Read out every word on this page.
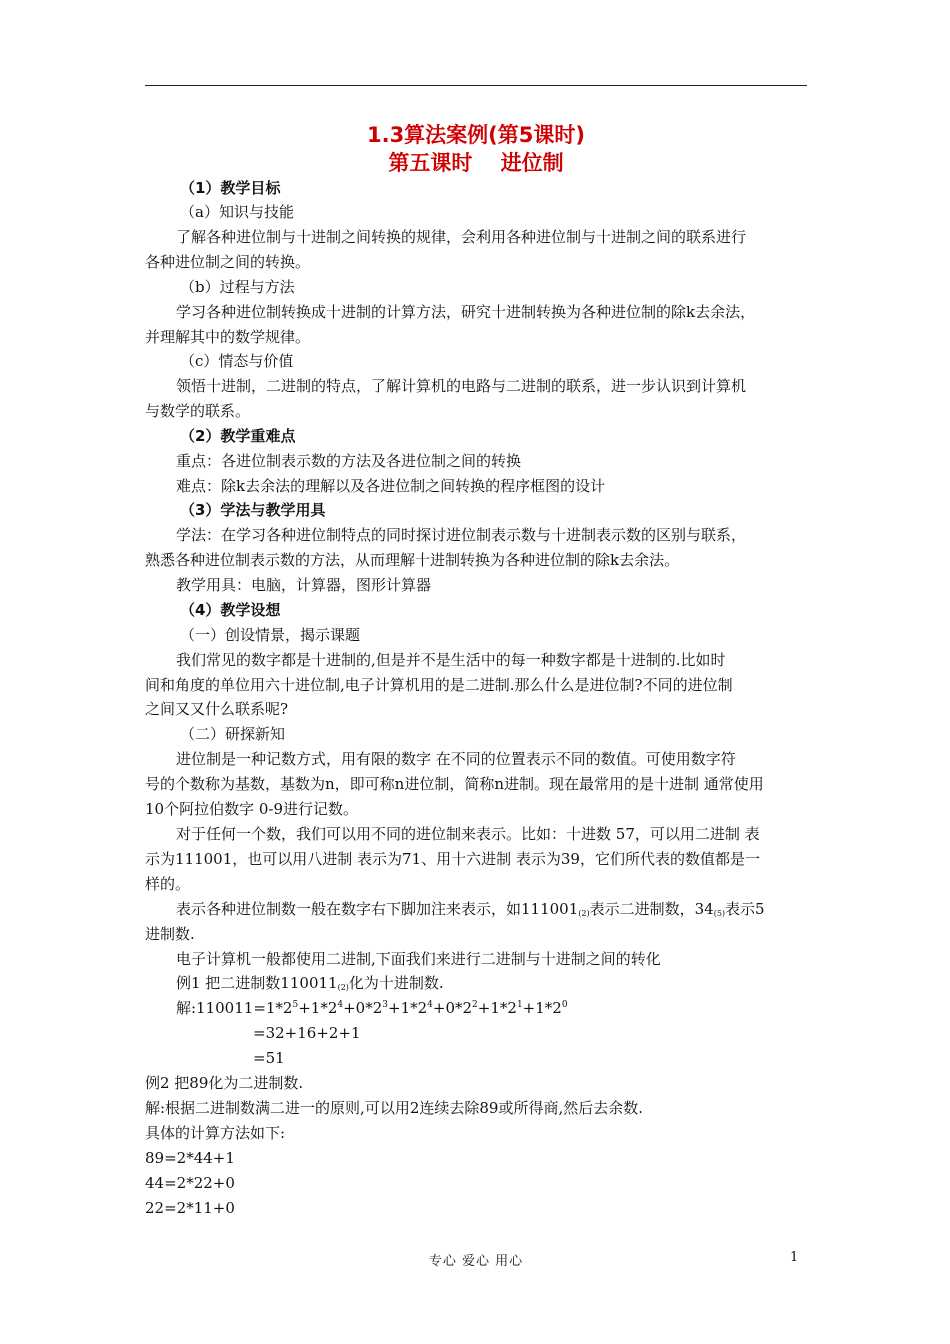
1.3算法案例(第5课时)
第五课时　 进位制
（1）教学目标
（a）知识与技能
了解各种进位制与十进制之间转换的规律，会利用各种进位制与十进制之间的联系进行
各种进位制之间的转换。
（b）过程与方法
学习各种进位制转换成十进制的计算方法，研究十进制转换为各种进位制的除k去余法，
并理解其中的数学规律。
（c）情态与价值
领悟十进制，二进制的特点，了解计算机的电路与二进制的联系，进一步认识到计算机
与数学的联系。
（2）教学重难点
重点：各进位制表示数的方法及各进位制之间的转换
难点：除k去余法的理解以及各进位制之间转换的程序框图的设计
（3）学法与教学用具
学法：在学习各种进位制特点的同时探讨进位制表示数与十进制表示数的区别与联系，
熟悉各种进位制表示数的方法，从而理解十进制转换为各种进位制的除k去余法。
教学用具：电脑，计算器，图形计算器
（4）教学设想
（一）创设情景，揭示课题
我们常见的数字都是十进制的,但是并不是生活中的每一种数字都是十进制的.比如时
间和角度的单位用六十进位制,电子计算机用的是二进制.那么什么是进位制?不同的进位制
之间又又什么联系呢?
（二）研探新知
进位制是一种记数方式，用有限的数字 在不同的位置表示不同的数值。可使用数字符
号的个数称为基数，基数为n，即可称n进位制，简称n进制。现在最常用的是十进制 通常使用
10个阿拉伯数字 0-9进行记数。
对于任何一个数，我们可以用不同的进位制来表示。比如：十进数 57，可以用二进制 表
示为111001，也可以用八进制 表示为71、用十六进制 表示为39，它们所代表的数值都是一
样的。
表示各种进位制数一般在数字右下脚加注来表示，如$111001_{(2)}$表示二进制数，$34_{(5)}$表示5
进制数.
电子计算机一般都使用二进制,下面我们来进行二进制与十进制之间的转化
例1 把二进制数$110011_{(2)}$化为十进制数.
解$:110011=1*2^5+1*2^4+0*2^3+1*2^4+0*2^2+1*2^1+1*2^0$
=32+16+2+1
=51
例2 把89化为二进制数.
解:根据二进制数满二进一的原则,可以用2连续去除89或所得商,然后去余数.
具体的计算方法如下:
89=2*44+1
44=2*22+0
22=2*11+0
专心 爱心 用心	1
